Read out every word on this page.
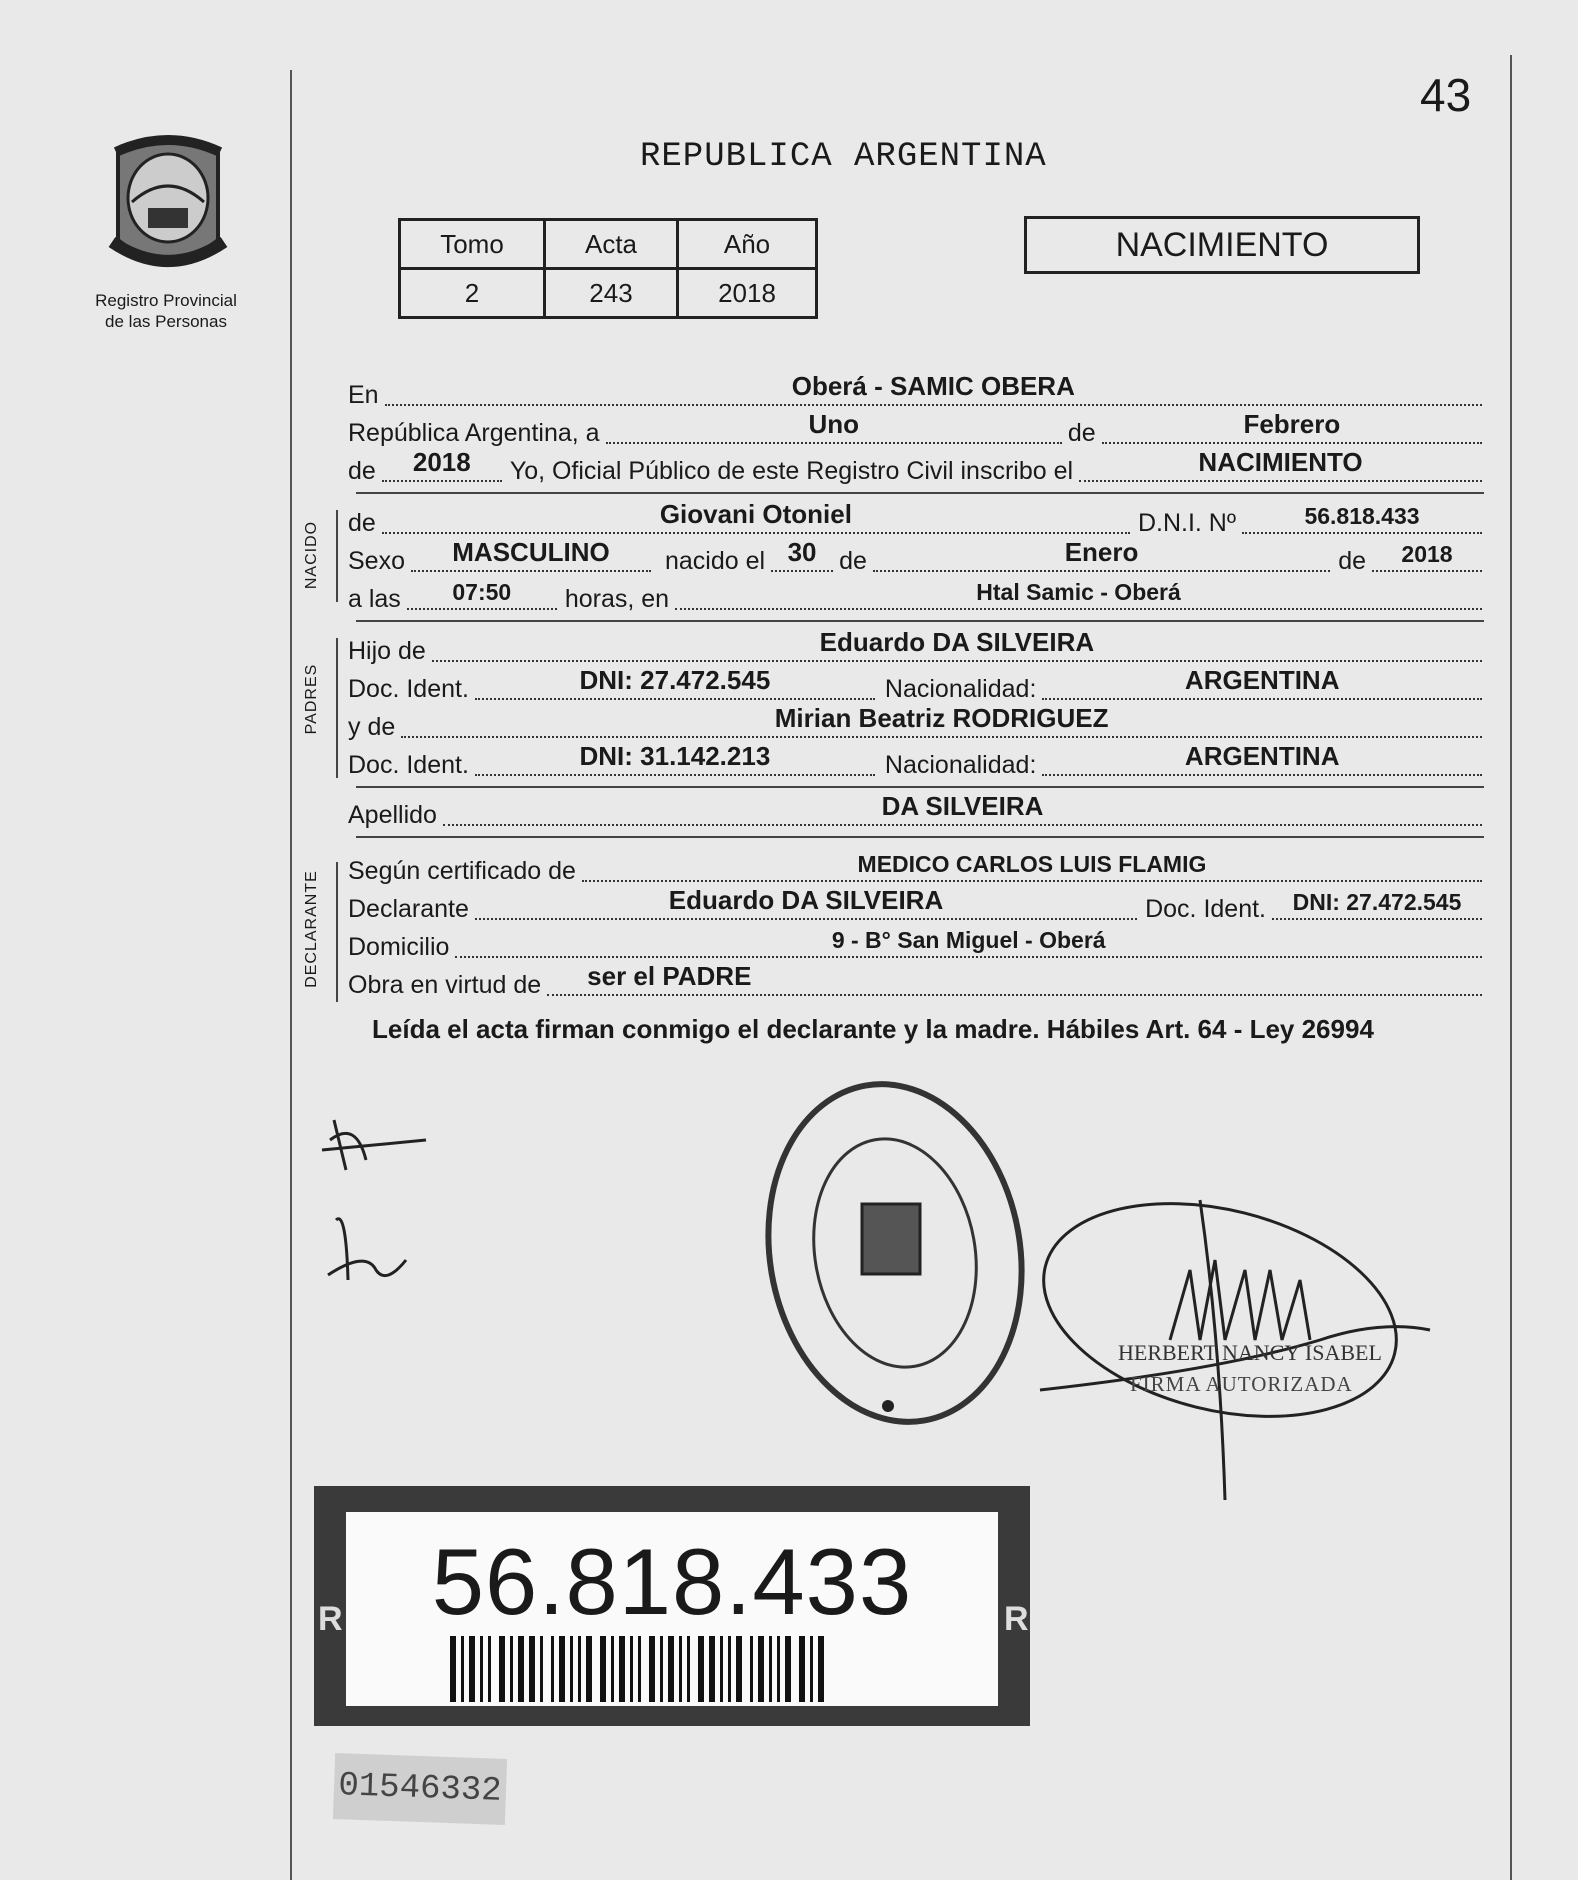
43
Registro Provincial
de las Personas
REPUBLICA ARGENTINA
Tomo	Acta	Año
2	243	2018
NACIMIENTO
En	Oberá - SAMIC OBERA
República Argentina, a	Uno	de	Febrero
de	2018	Yo, Oficial Público de este Registro Civil inscribo el	NACIMIENTO
NACIDO de	Giovani Otoniel	D.N.I. Nº	56.818.433
Sexo	MASCULINO	nacido el 30 de	Enero	de	2018
a las	07:50	horas, en	Htal Samic - Oberá
PADRES
Hijo de	Eduardo DA SILVEIRA
Doc. Ident.	DNI: 27.472.545	Nacionalidad:	ARGENTINA
y de	Mirian Beatriz RODRIGUEZ
Doc. Ident.	DNI: 31.142.213	Nacionalidad:	ARGENTINA
Apellido	DA SILVEIRA
DECLARANTE Según certificado de	MEDICO CARLOS LUIS FLAMIG
Declarante	Eduardo DA SILVEIRA	Doc. Ident.	DNI: 27.472.545
Domicilio	9 - B° San Miguel - Oberá
Obra en virtud de	ser el PADRE
Leída el acta firman conmigo el declarante y la madre. Hábiles Art. 64 - Ley 26994
HERBERT NANCY ISABEL
FIRMA AUTORIZADA
R	R
56.818.433
01546332
